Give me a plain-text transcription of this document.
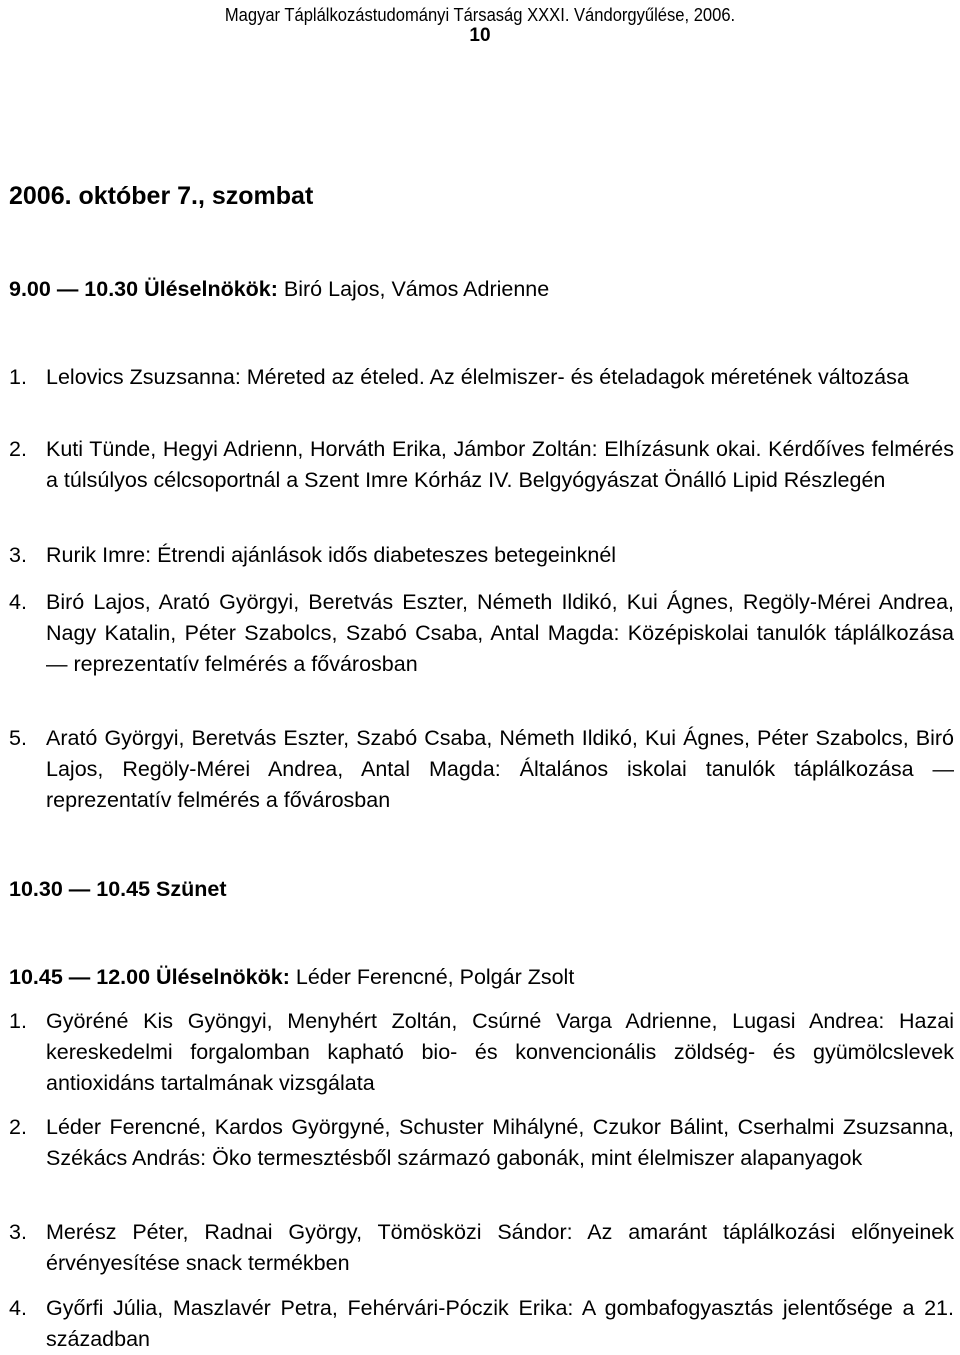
Magyar Táplálkozástudományi Társaság XXXI. Vándorgyűlése, 2006.
10
2006. október 7., szombat
9.00 — 10.30 Üléselnökök: Biró Lajos, Vámos Adrienne
1. Lelovics Zsuzsanna: Méreted az ételed. Az élelmiszer- és ételadagok méretének változása
2. Kuti Tünde, Hegyi Adrienn, Horváth Erika, Jámbor Zoltán: Elhízásunk okai. Kérdőíves felmérés a túlsúlyos célcsoportnál a Szent Imre Kórház IV. Belgyógyászat Önálló Lipid Részlegén
3. Rurik Imre: Étrendi ajánlások idős diabeteszes betegeinknél
4. Biró Lajos, Arató Györgyi, Beretvás Eszter, Németh Ildikó, Kui Ágnes, Regöly-Mérei Andrea, Nagy Katalin, Péter Szabolcs, Szabó Csaba, Antal Magda: Középiskolai tanulók táplálkozása — reprezentatív felmérés a fővárosban
5. Arató Györgyi, Beretvás Eszter, Szabó Csaba, Németh Ildikó, Kui Ágnes, Péter Szabolcs, Biró Lajos, Regöly-Mérei Andrea, Antal Magda: Általános iskolai tanulók táplálkozása — reprezentatív felmérés a fővárosban
10.30 — 10.45 Szünet
10.45 — 12.00 Üléselnökök: Léder Ferencné, Polgár Zsolt
1. Györéné Kis Gyöngyi, Menyhért Zoltán, Csúrné Varga Adrienne, Lugasi Andrea: Hazai kereskedelmi forgalomban kapható bio- és konvencionális zöldség- és gyümölcslevek antioxidáns tartalmának vizsgálata
2. Léder Ferencné, Kardos Györgyné, Schuster Mihályné, Czukor Bálint, Cserhalmi Zsuzsanna, Székács András: Öko termesztésből származó gabonák, mint élelmiszer alapanyagok
3. Merész Péter, Radnai György, Tömösközi Sándor: Az amaránt táplálkozási előnyeinek érvényesítése snack termékben
4. Győrfi Júlia, Maszlavér Petra, Fehérvári-Póczik Erika: A gombafogyasztás jelentősége a 21. században
